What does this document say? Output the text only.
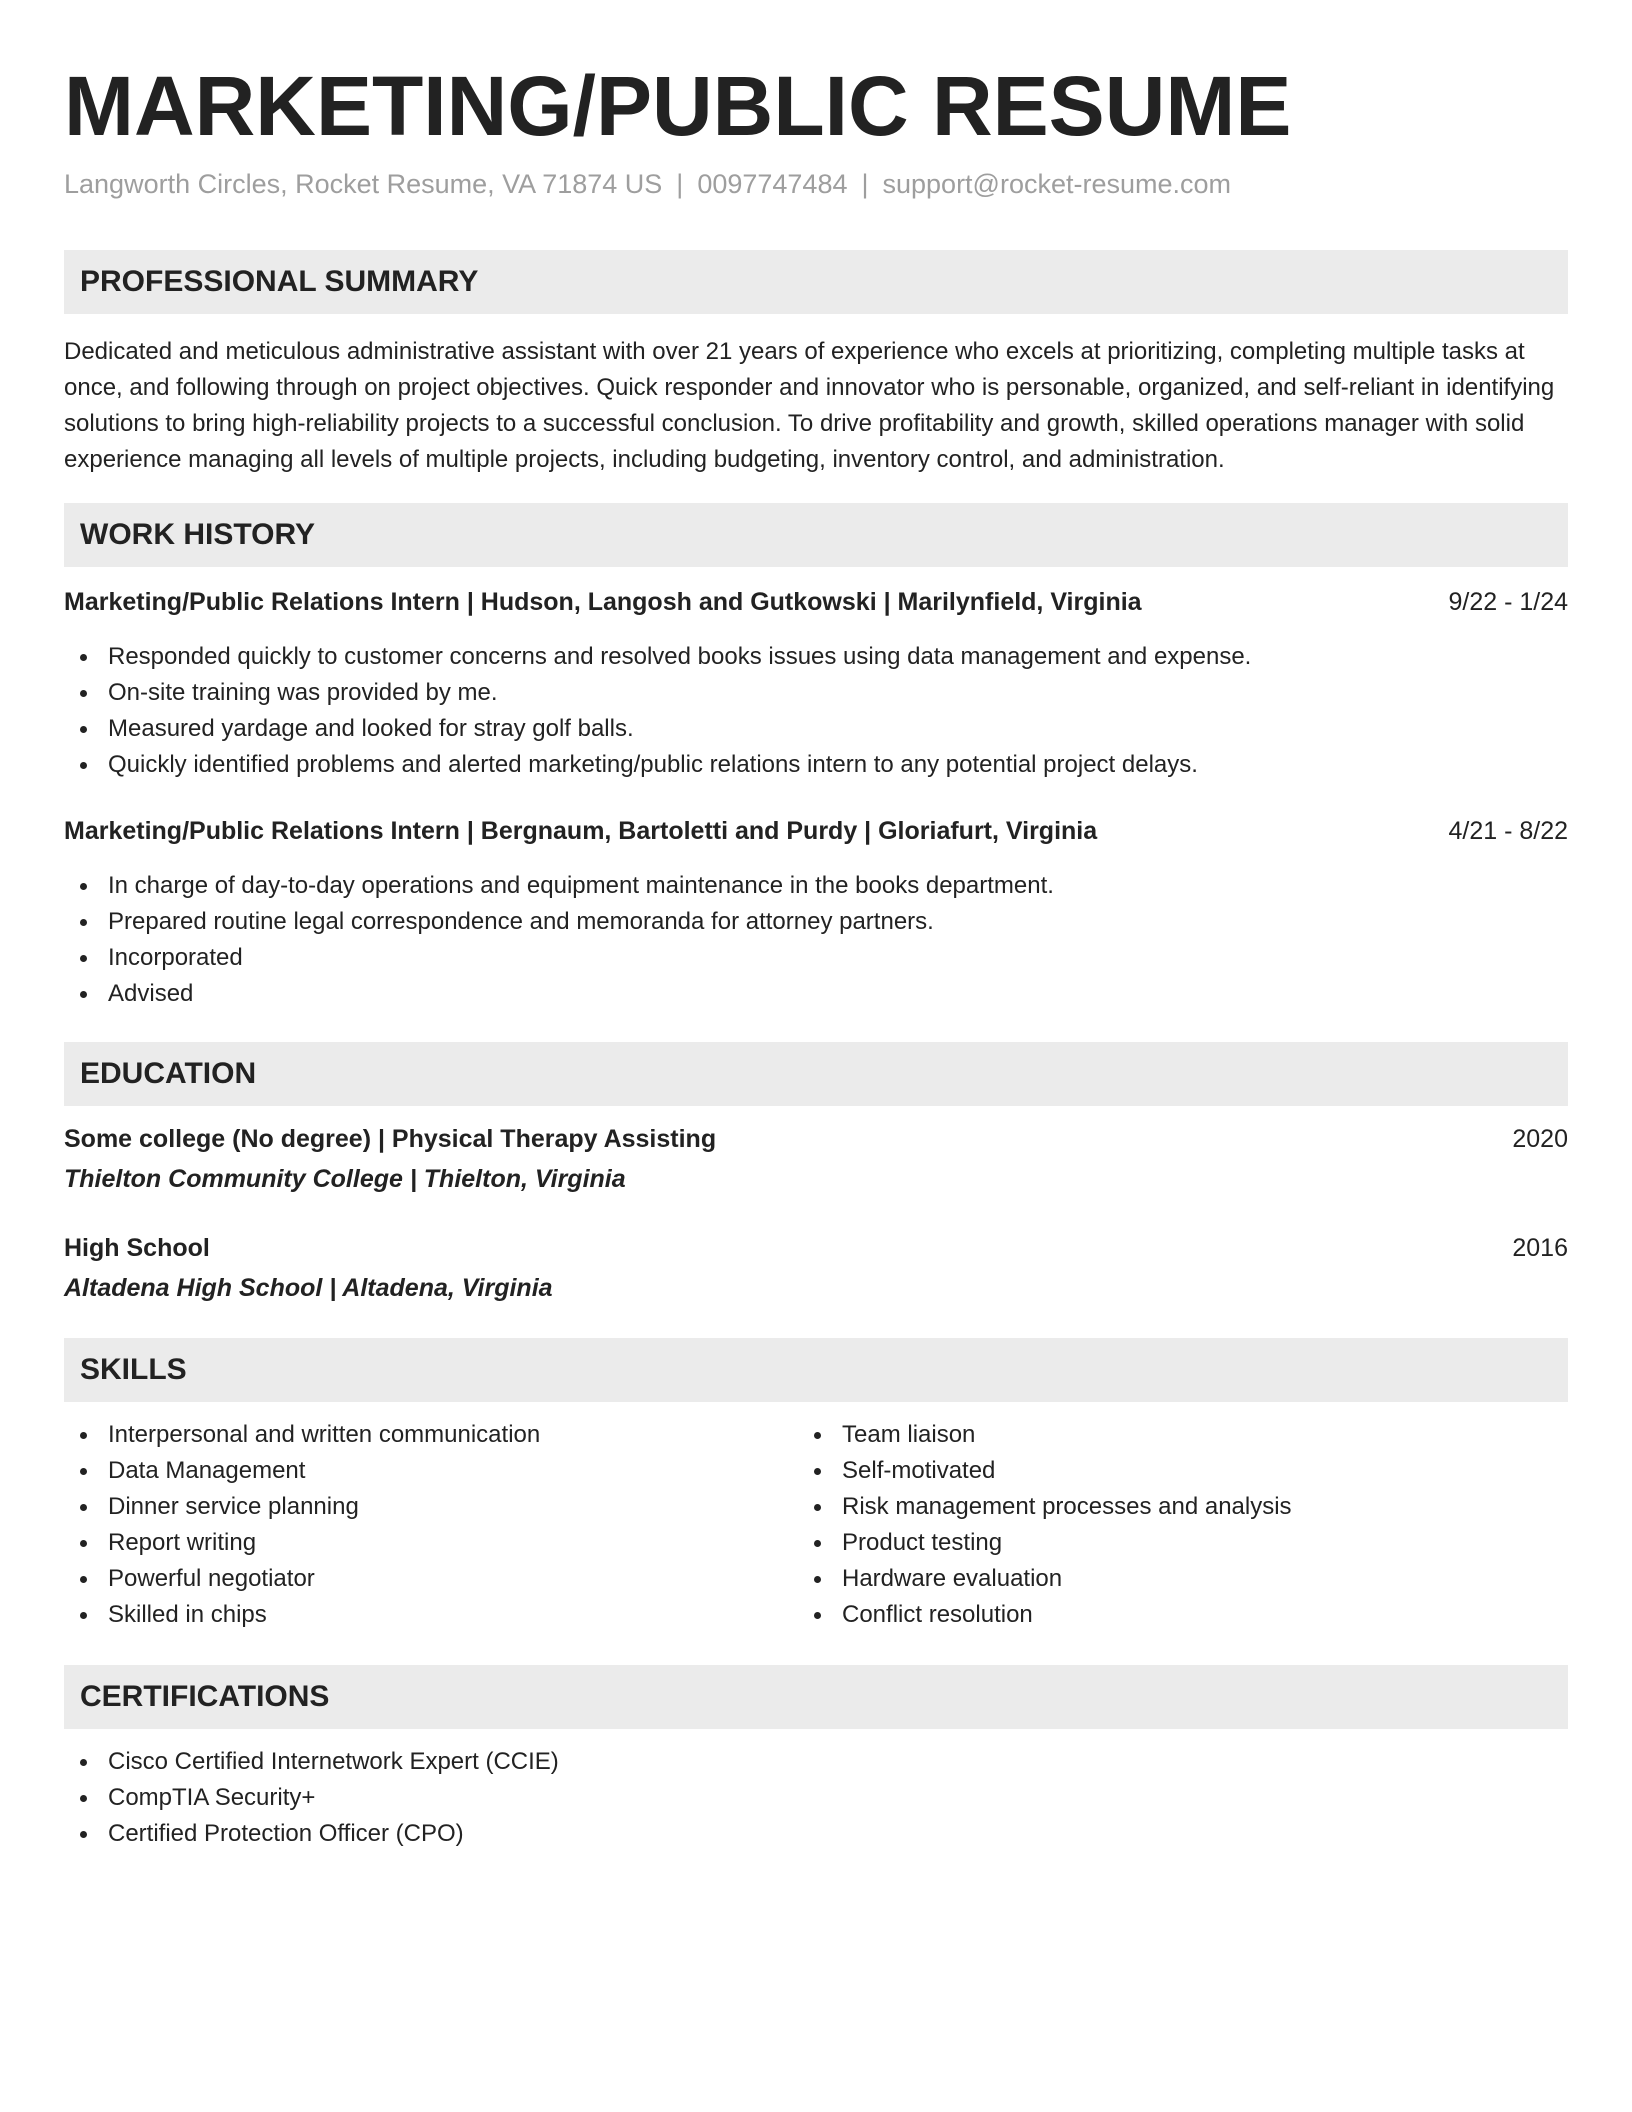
MARKETING/PUBLIC RESUME
Langworth Circles, Rocket Resume, VA 71874 US | 0097747484 | support@rocket-resume.com
PROFESSIONAL SUMMARY

Dedicated and meticulous administrative assistant with over 21 years of experience who excels at prioritizing, completing multiple tasks at once, and following through on project objectives. Quick responder and innovator who is personable, organized, and self-reliant in identifying solutions to bring high-reliability projects to a successful conclusion. To drive profitability and growth, skilled operations manager with solid experience managing all levels of multiple projects, including budgeting, inventory control, and administration.

WORK HISTORY
Marketing/Public Relations Intern | Hudson, Langosh and Gutkowski | Marilynfield, Virginia	9/22 - 1/24
Responded quickly to customer concerns and resolved books issues using data management and expense.
On-site training was provided by me.
Measured yardage and looked for stray golf balls.
Quickly identified problems and alerted marketing/public relations intern to any potential project delays.
Marketing/Public Relations Intern | Bergnaum, Bartoletti and Purdy | Gloriafurt, Virginia	4/21 - 8/22
In charge of day-to-day operations and equipment maintenance in the books department.
Prepared routine legal correspondence and memoranda for attorney partners.
Incorporated
Advised
EDUCATION
Some college (No degree) | Physical Therapy Assisting	2020
Thielton Community College | Thielton, Virginia
High School	2016
Altadena High School | Altadena, Virginia
SKILLS
Interpersonal and written communication
Data Management
Dinner service planning
Report writing
Powerful negotiator
Skilled in chips
Team liaison
Self-motivated
Risk management processes and analysis
Product testing
Hardware evaluation
Conflict resolution
CERTIFICATIONS
Cisco Certified Internetwork Expert (CCIE)
CompTIA Security+
Certified Protection Officer (CPO)
